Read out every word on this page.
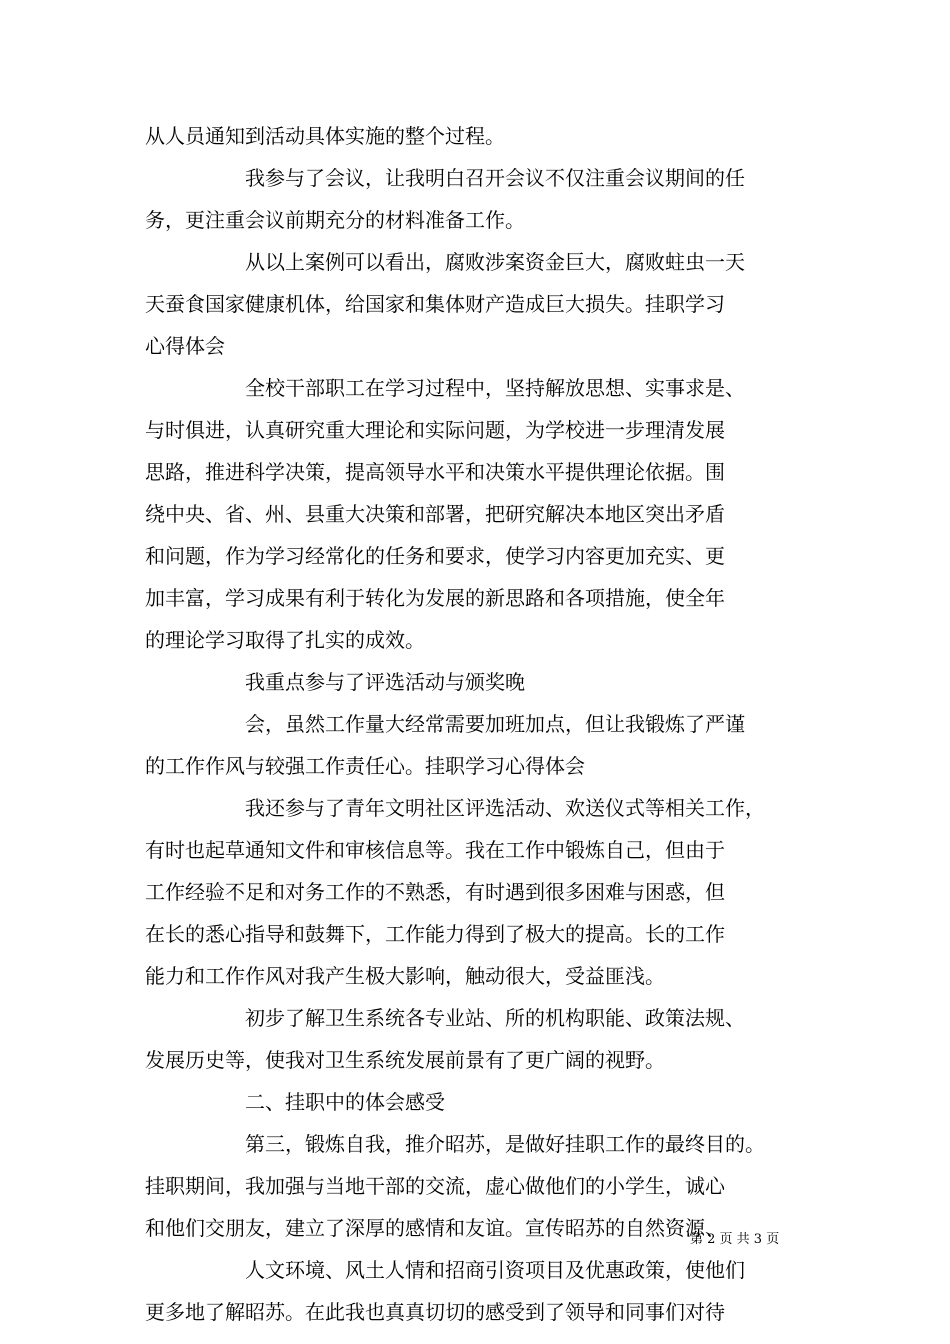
从人员通知到活动具体实施的整个过程。
我参与了会议，让我明白召开会议不仅注重会议期间的任
务，更注重会议前期充分的材料准备工作。
从以上案例可以看出，腐败涉案资金巨大，腐败蛀虫一天
天蚕食国家健康机体，给国家和集体财产造成巨大损失。挂职学习
心得体会
全校干部职工在学习过程中，坚持解放思想、实事求是、
与时俱进，认真研究重大理论和实际问题，为学校进一步理清发展
思路，推进科学决策，提高领导水平和决策水平提供理论依据。围
绕中央、省、州、县重大决策和部署，把研究解决本地区突出矛盾
和问题，作为学习经常化的任务和要求，使学习内容更加充实、更
加丰富，学习成果有利于转化为发展的新思路和各项措施，使全年
的理论学习取得了扎实的成效。
我重点参与了评选活动与颁奖晚
会，虽然工作量大经常需要加班加点，但让我锻炼了严谨
的工作作风与较强工作责任心。挂职学习心得体会
我还参与了青年文明社区评选活动、欢送仪式等相关工作，
有时也起草通知文件和审核信息等。我在工作中锻炼自己，但由于
工作经验不足和对务工作的不熟悉，有时遇到很多困难与困惑，但
在长的悉心指导和鼓舞下，工作能力得到了极大的提高。长的工作
能力和工作作风对我产生极大影响，触动很大，受益匪浅。
初步了解卫生系统各专业站、所的机构职能、政策法规、
发展历史等，使我对卫生系统发展前景有了更广阔的视野。
二、挂职中的体会感受
第三，锻炼自我，推介昭苏，是做好挂职工作的最终目的。
挂职期间，我加强与当地干部的交流，虚心做他们的小学生，诚心
和他们交朋友，建立了深厚的感情和友谊。宣传昭苏的自然资源、
人文环境、风土人情和招商引资项目及优惠政策，使他们
更多地了解昭苏。在此我也真真切切的感受到了领导和同事们对待
第 2 页 共 3 页
